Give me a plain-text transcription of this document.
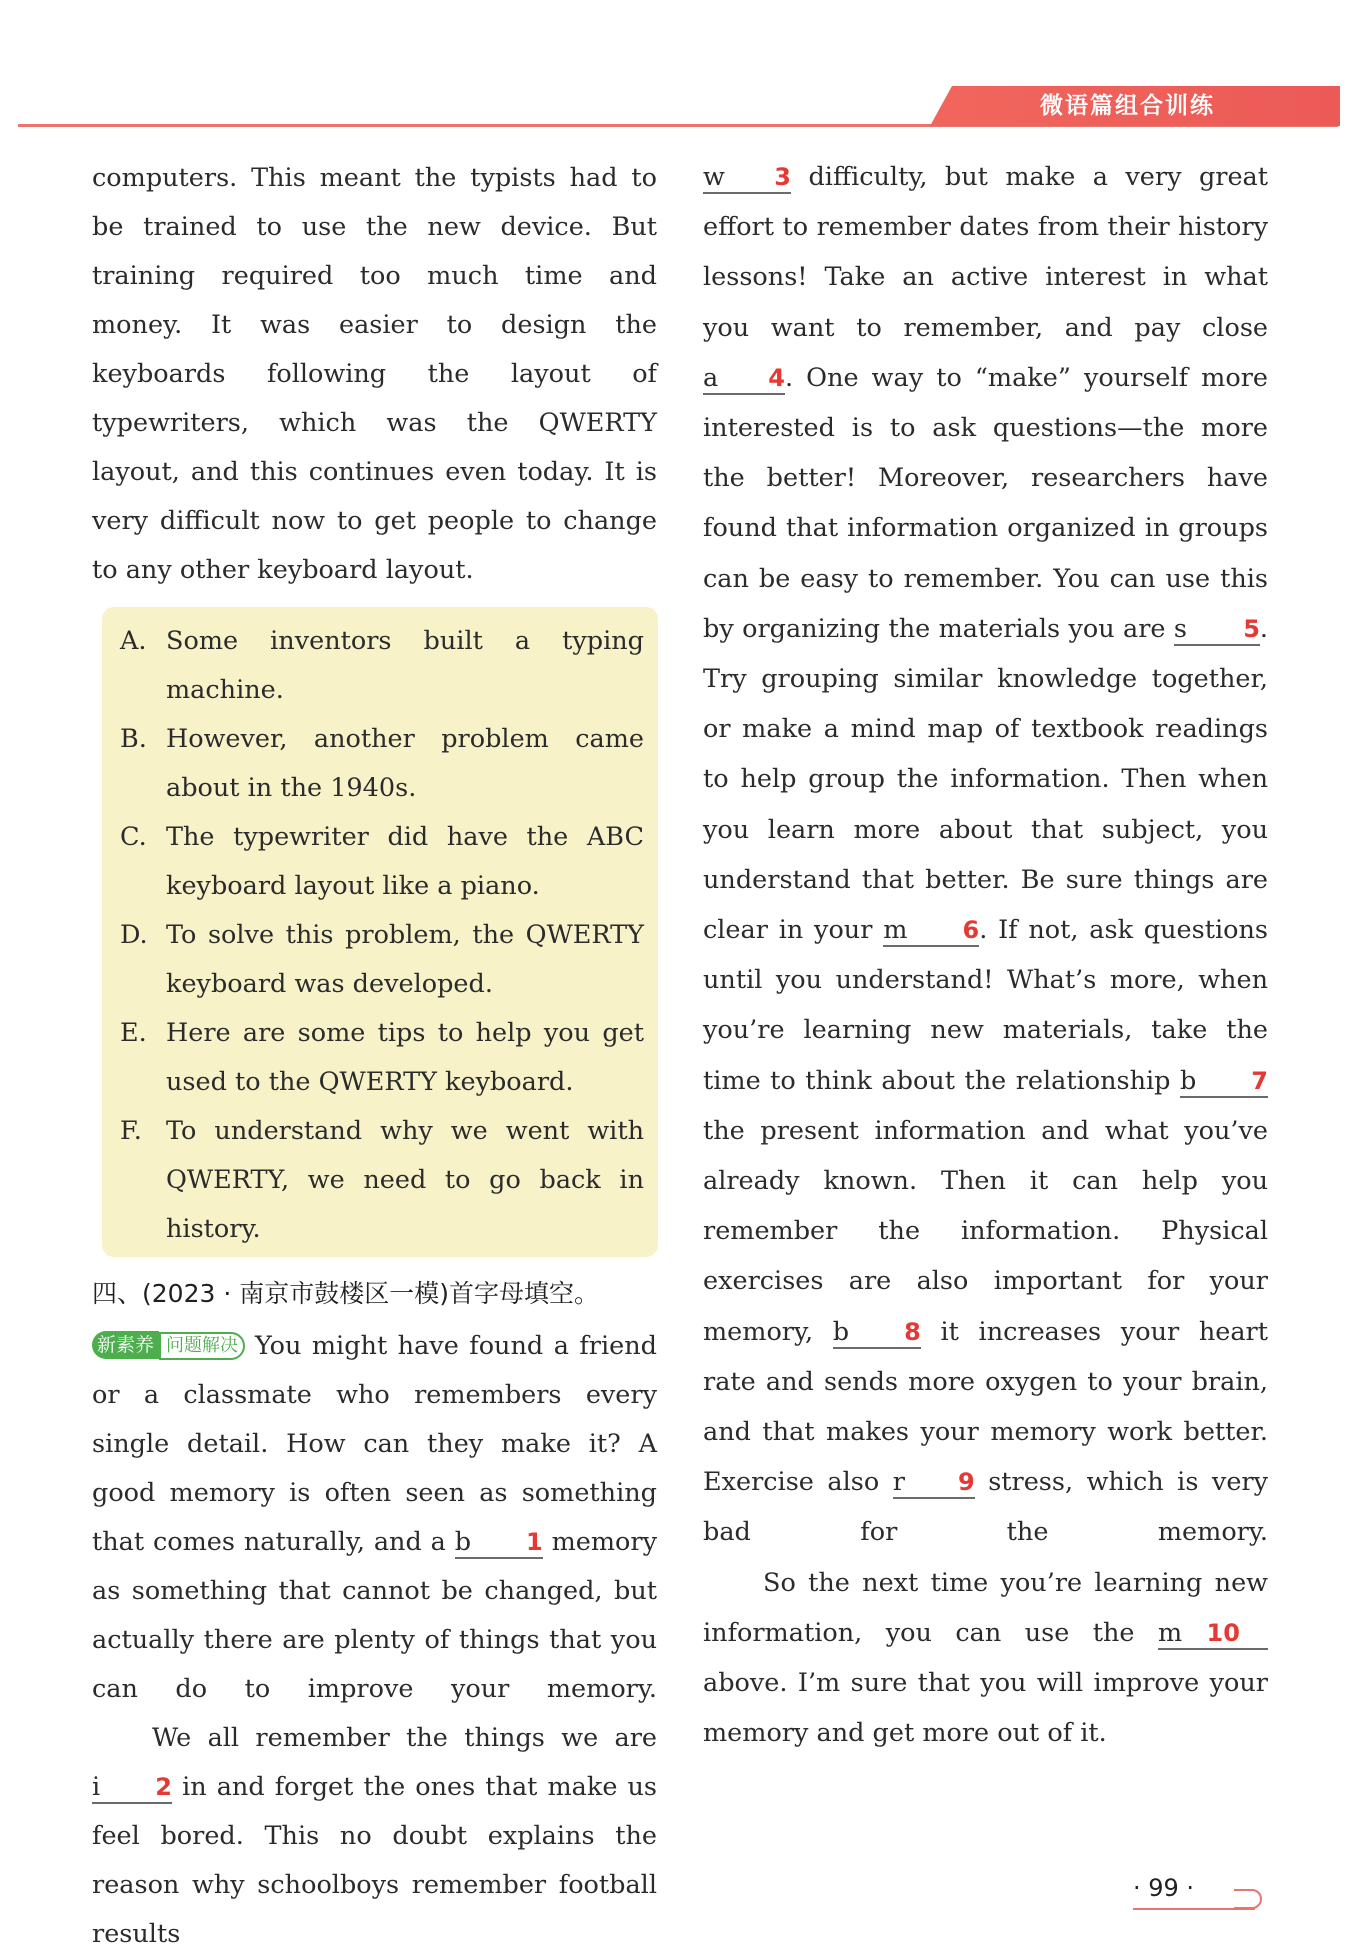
微语篇组合训练

computers. This meant the typists had to be trained to use the new device. But training required too much time and money. It was easier to design the keyboards following the layout of typewriters, which was the QWERTY layout, and this continues even today. It is very difficult now to get people to change to any other keyboard layout.

A. Some inventors built a typing machine.
B. However, another problem came about in the 1940s.
C. The typewriter did have the ABC keyboard layout like a piano.
D. To solve this problem, the QWERTY keyboard was developed.
E. Here are some tips to help you get used to the QWERTY keyboard.
F. To understand why we went with QWERTY, we need to go back in history.
四、(2023 · 南京市鼓楼区一模)首字母填空。

新素养 问题解决 You might have found a friend or a classmate who remembers every single detail. How can they make it? A good memory is often seen as something that comes naturally, and a b 1 memory as something that cannot be changed, but actually there are plenty of things that you can do to improve your memory.

We all remember the things we are i 2 in and forget the ones that make us feel bored. This no doubt explains the reason why schoolboys remember football results

w 3 difficulty, but make a very great effort to remember dates from their history lessons! Take an active interest in what you want to remember, and pay close a 4. One way to “make” yourself more interested is to ask questions—the more the better! Moreover, researchers have found that information organized in groups can be easy to remember. You can use this by organizing the materials you are s 5. Try grouping similar knowledge together, or make a mind map of textbook readings to help group the information. Then when you learn more about that subject, you understand that better. Be sure things are clear in your m 6. If not, ask questions until you understand! What’s more, when you’re learning new materials, take the time to think about the relationship b 7 the present information and what you’ve already known. Then it can help you remember the information. Physical exercises are also important for your memory, b 8 it increases your heart rate and sends more oxygen to your brain, and that makes your memory work better. Exercise also r 9 stress, which is very bad for the memory.

So the next time you’re learning new information, you can use the m 10 above. I’m sure that you will improve your memory and get more out of it.

· 99 ·
